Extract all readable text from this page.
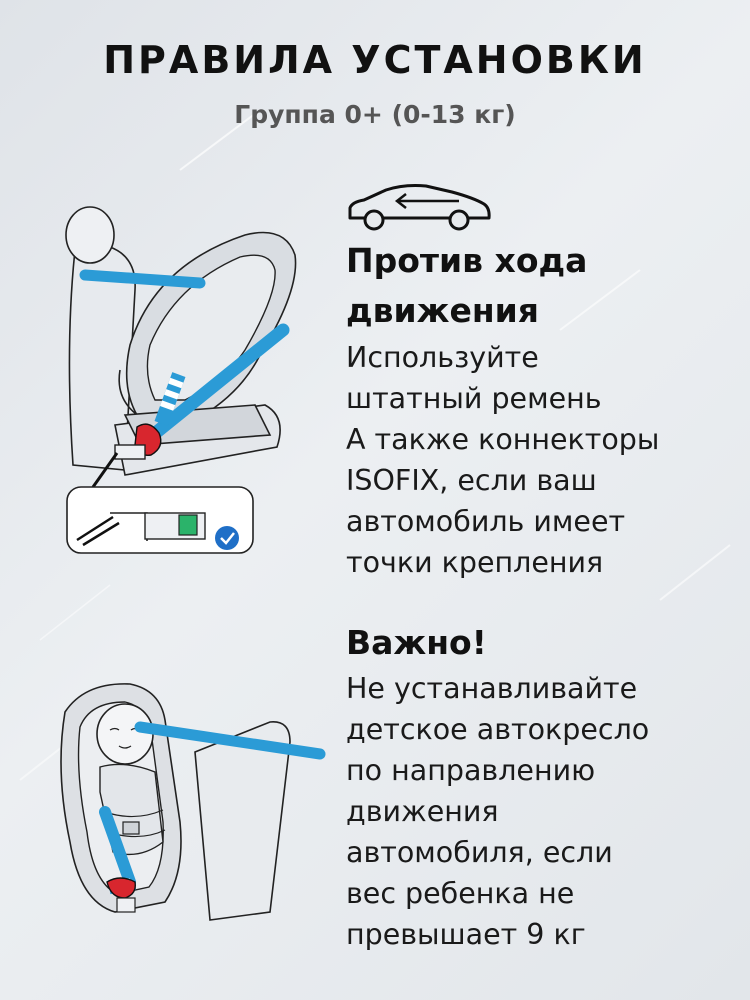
ПРАВИЛА УСТАНОВКИ
Группа 0+ (0-13 кг)
Против хода
движения
Используйте
штатный ремень
А также коннекторы
ISOFIX, если ваш
автомобиль имеет
точки крепления
Важно!
Не устанавливайте
детское автокресло
по направлению
движения
автомобиля, если
вес ребенка не
превышает 9 кг
